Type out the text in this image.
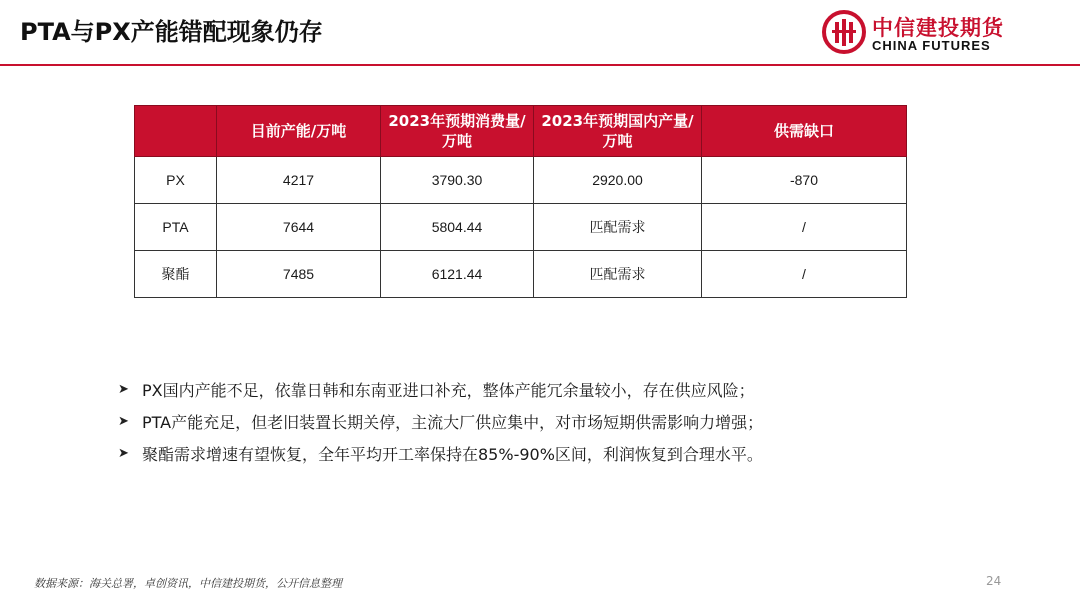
PTA与PX产能错配现象仍存	中信建投期货
CHINA FUTURES
	目前产能/万吨	2023年预期消费量/万吨	2023年预期国内产量/万吨	供需缺口
PX	4217	3790.30	2920.00	-870
PTA	7644	5804.44	匹配需求	/
聚酯	7485	6121.44	匹配需求	/
➤ PX国内产能不足，依靠日韩和东南亚进口补充，整体产能冗余量较小，存在供应风险；
➤ PTA产能充足，但老旧装置长期关停，主流大厂供应集中，对市场短期供需影响力增强；
➤ 聚酯需求增速有望恢复，全年平均开工率保持在85%-90%区间，利润恢复到合理水平。
数据来源：海关总署，卓创资讯，中信建投期货，公开信息整理	24
